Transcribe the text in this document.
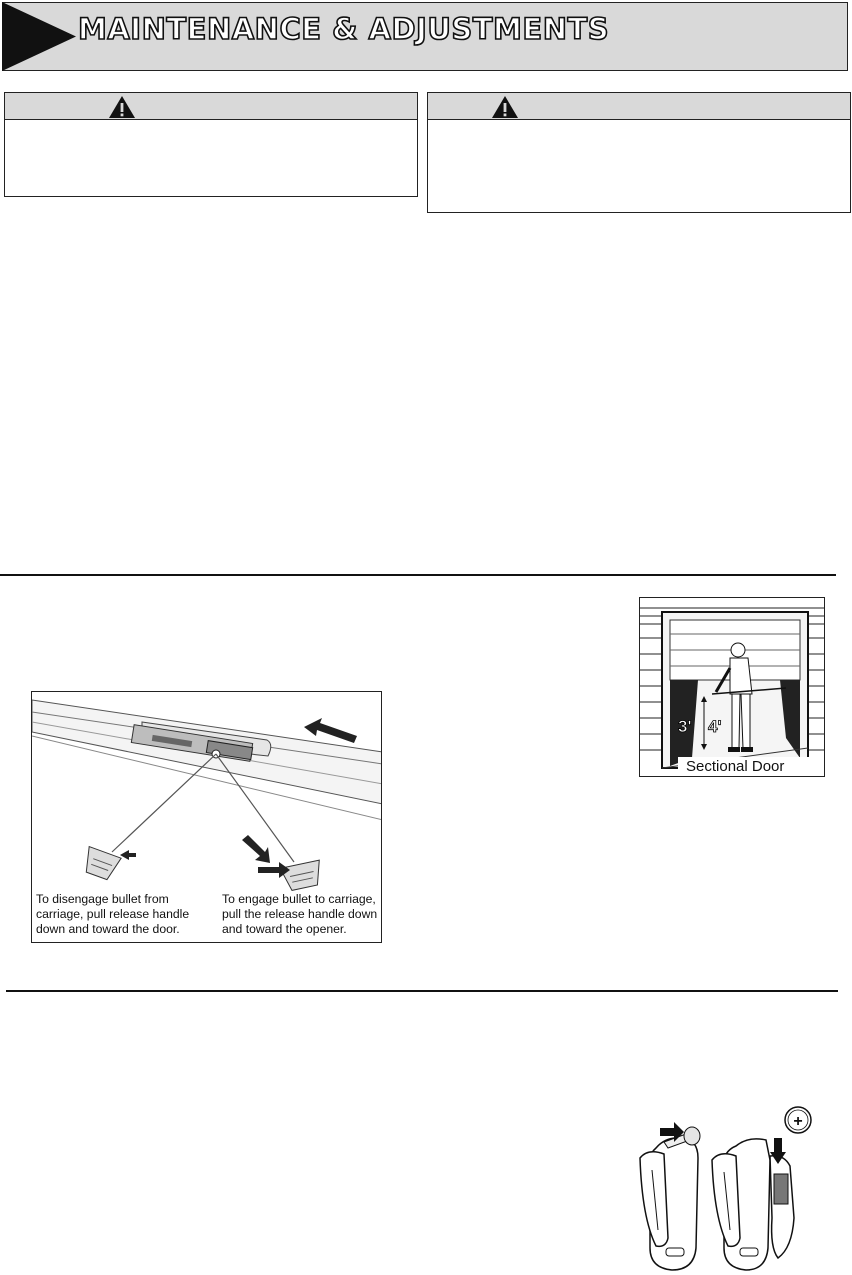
MAINTENANCE & ADJUSTMENTS
To disengage bullet from
carriage, pull release handle
down and toward the door.
To engage bullet to carriage,
pull the release handle down
and toward the opener.
3' 4'
Sectional Door
+
